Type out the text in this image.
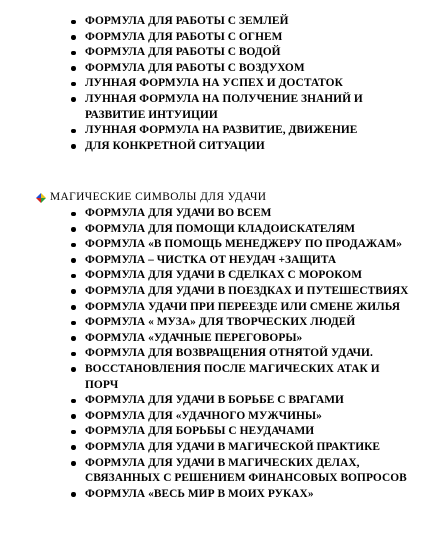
ФОРМУЛА ДЛЯ РАБОТЫ С ЗЕМЛЕЙ
ФОРМУЛА ДЛЯ РАБОТЫ С ОГНЕМ
ФОРМУЛА ДЛЯ РАБОТЫ С ВОДОЙ
ФОРМУЛА ДЛЯ РАБОТЫ С ВОЗДУХОМ
ЛУННАЯ ФОРМУЛА НА УСПЕХ И ДОСТАТОК
ЛУННАЯ ФОРМУЛА НА ПОЛУЧЕНИЕ ЗНАНИЙ И РАЗВИТИЕ ИНТУИЦИИ
ЛУННАЯ ФОРМУЛА НА РАЗВИТИЕ, ДВИЖЕНИЕ
ДЛЯ КОНКРЕТНОЙ СИТУАЦИИ
МАГИЧЕСКИЕ СИМВОЛЫ ДЛЯ УДАЧИ
ФОРМУЛА ДЛЯ УДАЧИ ВО ВСЕМ
ФОРМУЛА ДЛЯ ПОМОЩИ КЛАДОИСКАТЕЛЯМ
ФОРМУЛА «В ПОМОЩЬ МЕНЕДЖЕРУ ПО ПРОДАЖАМ»
ФОРМУЛА – ЧИСТКА ОТ НЕУДАЧ +ЗАЩИТА
ФОРМУЛА ДЛЯ УДАЧИ В СДЕЛКАХ С МОРОКОМ
ФОРМУЛА ДЛЯ УДАЧИ В ПОЕЗДКАХ И ПУТЕШЕСТВИЯХ
ФОРМУЛА УДАЧИ ПРИ ПЕРЕЕЗДЕ ИЛИ СМЕНЕ ЖИЛЬЯ
ФОРМУЛА « МУЗА» ДЛЯ ТВОРЧЕСКИХ ЛЮДЕЙ
ФОРМУЛА «УДАЧНЫЕ ПЕРЕГОВОРЫ»
ФОРМУЛА ДЛЯ ВОЗВРАЩЕНИЯ ОТНЯТОЙ УДАЧИ.
ВОССТАНОВЛЕНИЯ ПОСЛЕ МАГИЧЕСКИХ АТАК И ПОРЧ
ФОРМУЛА ДЛЯ УДАЧИ В БОРЬБЕ С ВРАГАМИ
ФОРМУЛА ДЛЯ «УДАЧНОГО МУЖЧИНЫ»
ФОРМУЛА ДЛЯ БОРЬБЫ С НЕУДАЧАМИ
ФОРМУЛА ДЛЯ УДАЧИ В МАГИЧЕСКОЙ ПРАКТИКЕ
ФОРМУЛА ДЛЯ УДАЧИ В МАГИЧЕСКИХ ДЕЛАХ, СВЯЗАННЫХ С РЕШЕНИЕМ ФИНАНСОВЫХ ВОПРОСОВ
ФОРМУЛА «ВЕСЬ МИР В МОИХ РУКАХ»
